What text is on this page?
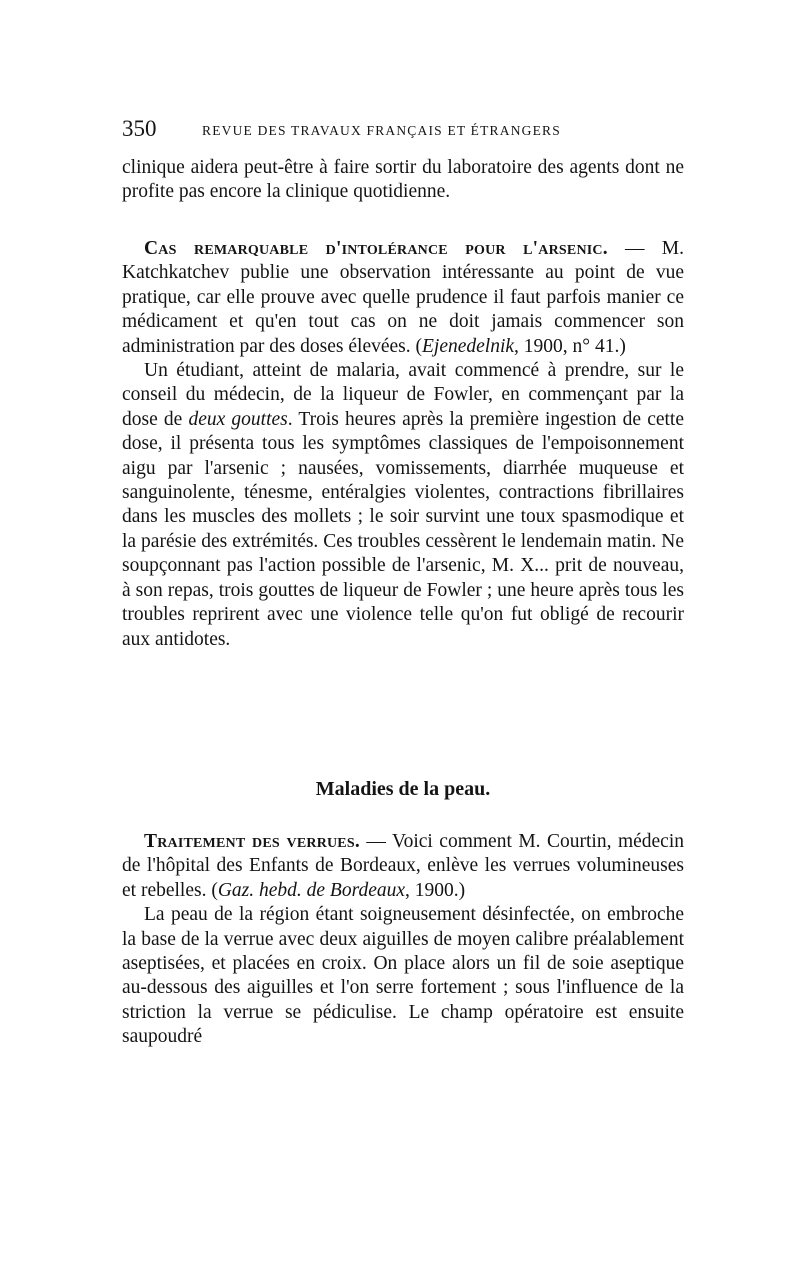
350	REVUE DES TRAVAUX FRANÇAIS ET ÉTRANGERS

clinique aidera peut-être à faire sortir du laboratoire des agents dont ne profite pas encore la clinique quotidienne.

Cas remarquable d'intolérance pour l'arsenic. — M. Katchkatchev publie une observation intéressante au point de vue pratique, car elle prouve avec quelle prudence il faut parfois manier ce médicament et qu'en tout cas on ne doit jamais commencer son administration par des doses élevées. (Ejenedelnik, 1900, n° 41.)

Un étudiant, atteint de malaria, avait commencé à prendre, sur le conseil du médecin, de la liqueur de Fowler, en commençant par la dose de deux gouttes. Trois heures après la première ingestion de cette dose, il présenta tous les symptômes classiques de l'empoisonnement aigu par l'arsenic ; nausées, vomissements, diarrhée muqueuse et sanguinolente, ténesme, entéralgies violentes, contractions fibrillaires dans les muscles des mollets ; le soir survint une toux spasmodique et la parésie des extrémités. Ces troubles cessèrent le lendemain matin. Ne soupçonnant pas l'action possible de l'arsenic, M. X... prit de nouveau, à son repas, trois gouttes de liqueur de Fowler ; une heure après tous les troubles reprirent avec une violence telle qu'on fut obligé de recourir aux antidotes.

Maladies de la peau.

Traitement des verrues. — Voici comment M. Courtin, médecin de l'hôpital des Enfants de Bordeaux, enlève les verrues volumineuses et rebelles. (Gaz. hebd. de Bordeaux, 1900.)

La peau de la région étant soigneusement désinfectée, on embroche la base de la verrue avec deux aiguilles de moyen calibre préalablement aseptisées, et placées en croix. On place alors un fil de soie aseptique au-dessous des aiguilles et l'on serre fortement ; sous l'influence de la striction la verrue se pédiculise. Le champ opératoire est ensuite saupoudré
